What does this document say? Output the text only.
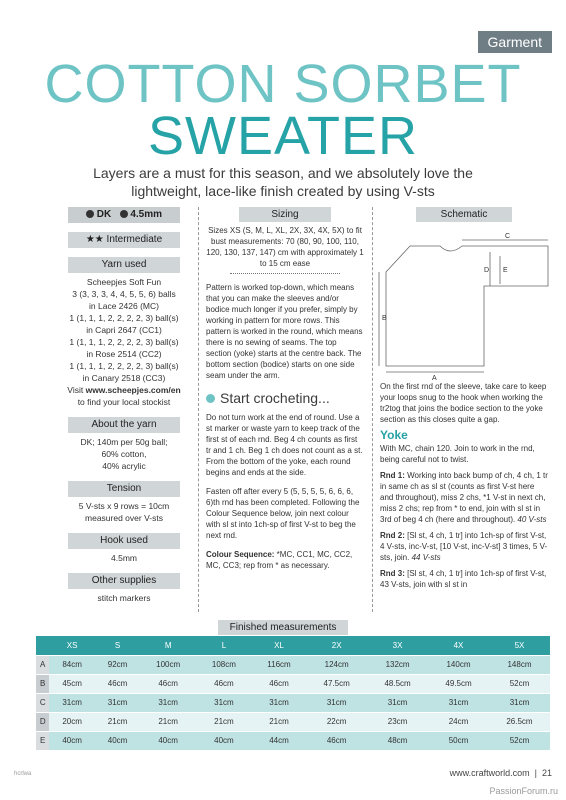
Garment
COTTON SORBET
SWEATER

Layers are a must for this season, and we absolutely love the lightweight, lace-like finish created by using V-sts

DK 4.5mm
★★ Intermediate
Yarn used

Scheepjes Soft Fun

3 (3, 3, 3, 4, 4, 5, 5, 6) balls

in Lace 2426 (MC)

1 (1, 1, 1, 2, 2, 2, 2, 3) ball(s)

in Capri 2647 (CC1)

1 (1, 1, 1, 2, 2, 2, 2, 3) ball(s)

in Rose 2514 (CC2)

1 (1, 1, 1, 2, 2, 2, 2, 3) ball(s)

in Canary 2518 (CC3)

Visit www.scheepjes.com/en

to find your local stockist

About the yarn

DK; 140m per 50g ball;

60% cotton,

40% acrylic

Tension

5 V-sts x 9 rows = 10cm

measured over V-sts

Hook used

4.5mm

Other supplies

stitch markers

Sizing

Sizes XS (S, M, L, XL, 2X, 3X, 4X, 5X) to fit bust measurements: 70 (80, 90, 100, 110, 120, 130, 137, 147) cm with approximately 1 to 15 cm ease

Pattern is worked top-down, which means that you can make the sleeves and/or bodice much longer if you prefer, simply by working in pattern for more rows. This pattern is worked in the round, which means there is no sewing of seams. The top section (yoke) starts at the centre back. The bottom section (bodice) starts on one side seam under the arm.

Start crocheting...

Do not turn work at the end of round. Use a st marker or waste yarn to keep track of the first st of each rnd. Beg 4 ch counts as first tr and 1 ch. Beg 1 ch does not count as a st. From the bottom of the yoke, each round begins and ends at the side.

Fasten off after every 5 (5, 5, 5, 5, 6, 6, 6, 6)th rnd has been completed. Following the Colour Sequence below, join next colour with sl st into 1ch-sp of first V-st to beg the next rnd.

Colour Sequence: *MC, CC1, MC, CC2, MC, CC3; rep from * as necessary.

Schematic
A
B
C
D E

On the first rnd of the sleeve, take care to keep your loops snug to the hook when working the tr2tog that joins the bodice section to the yoke section as this closes quite a gap.

Yoke

With MC, chain 120. Join to work in the rnd, being careful not to twist.

Rnd 1: Working into back bump of ch, 4 ch, 1 tr in same ch as sl st (counts as first V-st here and throughout), miss 2 chs, *1 V-st in next ch, miss 2 chs; rep from * to end, join with sl st in 3rd of beg 4 ch (here and throughout). 40 V-sts

Rnd 2: [Sl st, 4 ch, 1 tr] into 1ch-sp of first V-st, 4 V-sts, inc-V-st, [10 V-st, inc-V-st] 3 times, 5 V-sts, join. 44 V-sts

Rnd 3: [Sl st, 4 ch, 1 tr] into 1ch-sp of first V-st, 43 V-sts, join with sl st in

Finished measurements
	XS	S	M	L	XL	2X	3X	4X	5X
A	84cm	92cm	100cm	108cm	116cm	124cm	132cm	140cm	148cm
B	45cm	46cm	46cm	46cm	46cm	47.5cm	48.5cm	49.5cm	52cm
C	31cm	31cm	31cm	31cm	31cm	31cm	31cm	31cm	31cm
D	20cm	21cm	21cm	21cm	21cm	22cm	23cm	24cm	26.5cm
E	40cm	40cm	40cm	40cm	44cm	46cm	48cm	50cm	52cm
hcrlwa	www.craftworld.com  |  21
PassionForum.ru
